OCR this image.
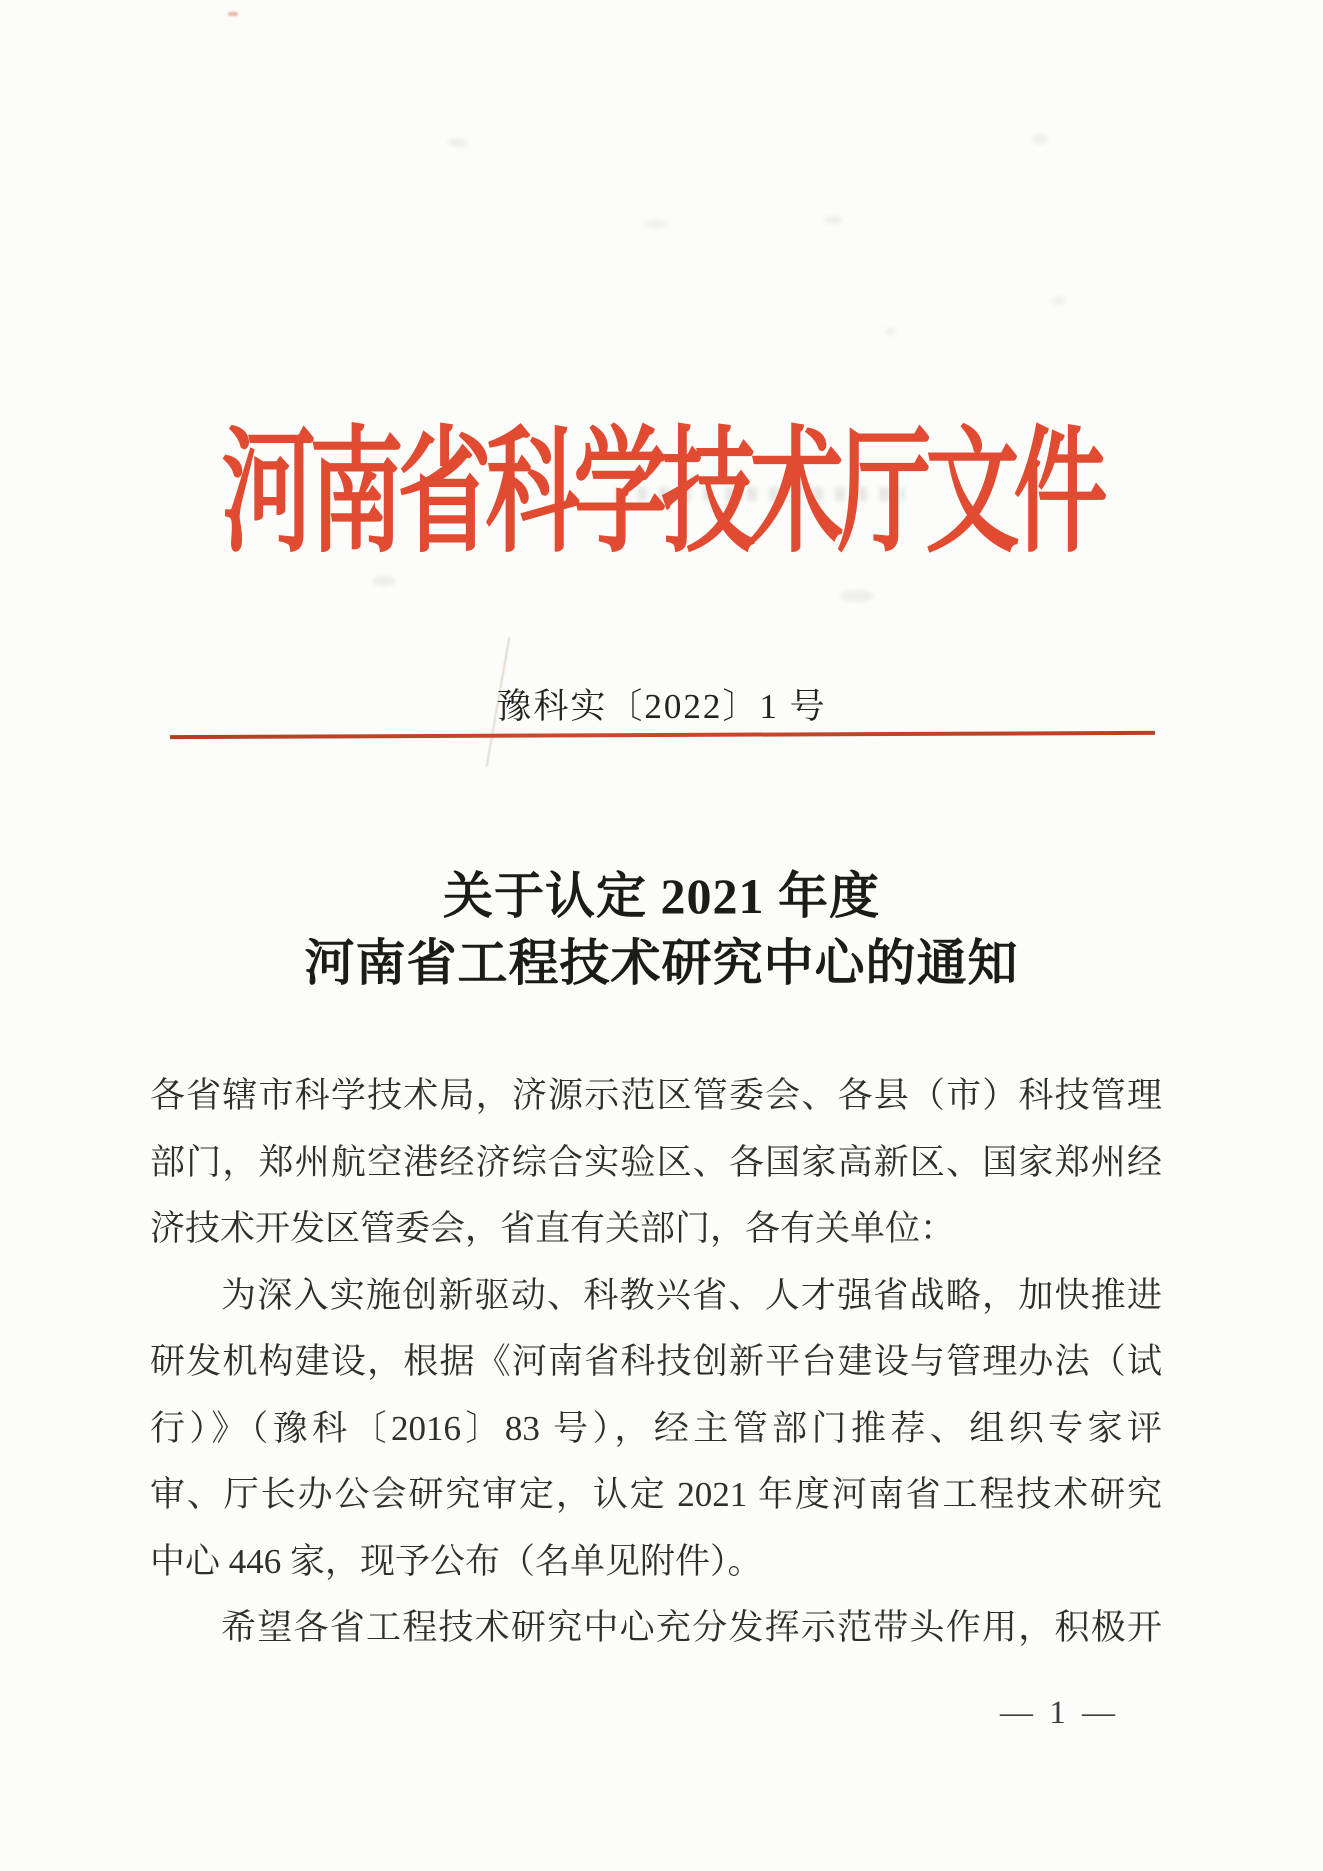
河南省科学技术厅文件
豫科实〔2022〕1 号
关于认定 2021 年度
河南省工程技术研究中心的通知
各省辖市科学技术局，济源示范区管委会、各县（市）科技管理
部门，郑州航空港经济综合实验区、各国家高新区、国家郑州经
济技术开发区管委会，省直有关部门，各有关单位：
为深入实施创新驱动、科教兴省、人才强省战略，加快推进
研发机构建设，根据《河南省科技创新平台建设与管理办法（试
行）》（豫科〔2016〕83 号），经主管部门推荐、组织专家评
审、厅长办公会研究审定，认定 2021 年度河南省工程技术研究
中心 446 家，现予公布（名单见附件）。
希望各省工程技术研究中心充分发挥示范带头作用，积极开
— 1 —
